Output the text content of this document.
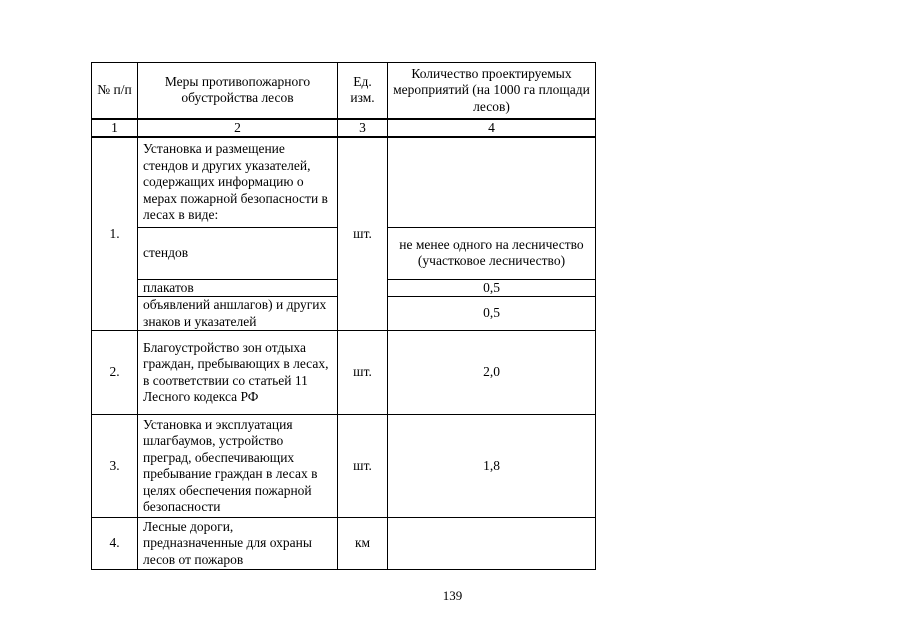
№ п/п	Меры противопожарного обустройства лесов	Ед. изм.	Количество проектируемых мероприятий (на 1000 га площади лесов)
1	2	3	4
1.	Установка и размещение стендов и других указателей, содержащих информацию о мерах пожарной безопасности в лесах в виде:	шт.	
	стендов		не менее одного на лесничество (участковое лесничество)
	плакатов		0,5
	объявлений аншлагов) и других знаков и указателей		0,5
2.	Благоустройство зон отдыха граждан, пребывающих в лесах, в соответствии со статьей 11 Лесного кодекса РФ	шт.	2,0
3.	Установка и эксплуатация шлагбаумов, устройство преград, обеспечивающих пребывание граждан в лесах в целях обеспечения пожарной безопасности	шт.	1,8
4.	Лесные дороги, предназначенные для охраны лесов от пожаров	км	
139
